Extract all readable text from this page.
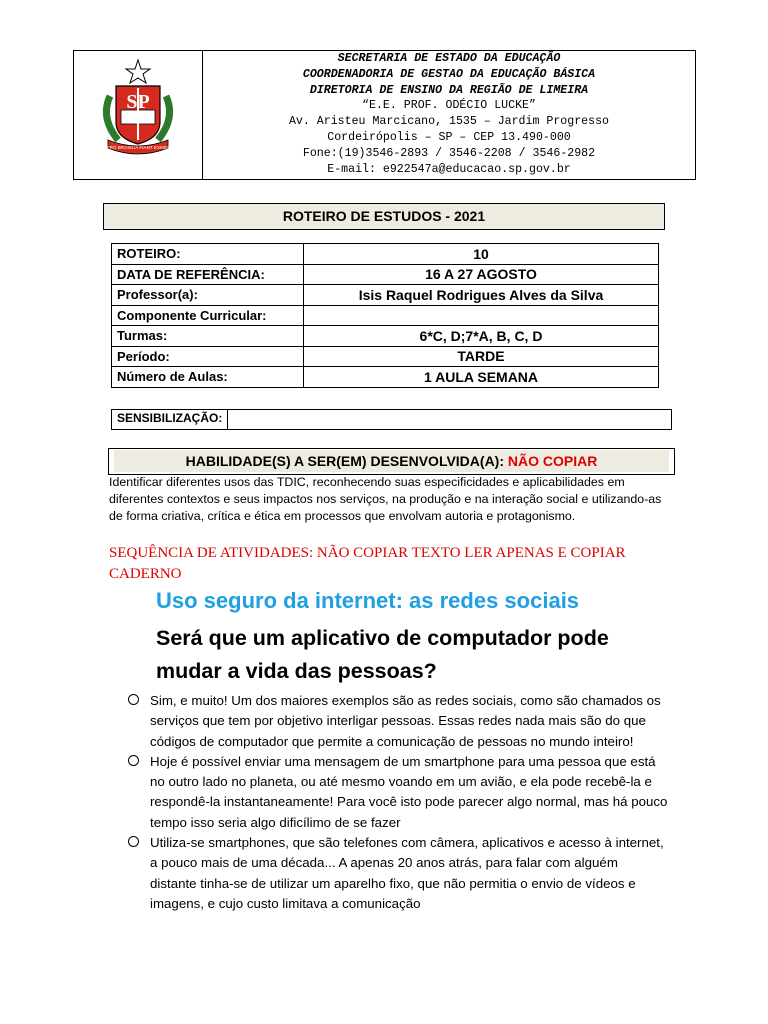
SP
PRO BRASILIA FIANT EXIMIA
SECRETARIA DE ESTADO DA EDUCAÇÃO
COORDENADORIA DE GESTAO DA EDUCAÇÃO BÁSICA
DIRETORIA DE ENSINO DA REGIÃO DE LIMEIRA
“E.E. PROF. ODÉCIO LUCKE”
Av. Aristeu Marcicano, 1535 – Jardim Progresso
Cordeirópolis – SP – CEP 13.490-000
Fone:(19)3546-2893 / 3546-2208 / 3546-2982
E-mail: e922547a@educacao.sp.gov.br
ROTEIRO DE ESTUDOS - 2021
ROTEIRO:	10
DATA DE REFERÊNCIA:	16 A 27 AGOSTO
Professor(a):	Isis Raquel Rodrigues Alves da Silva
Componente Curricular:	
Turmas:	6*C, D;7*A, B, C, D
Período:	TARDE
Número de Aulas:	1 AULA SEMANA
SENSIBILIZAÇÃO:
HABILIDADE(S) A SER(EM) DESENVOLVIDA(A): NÃO COPIAR
Identificar diferentes usos das TDIC, reconhecendo suas especificidades e aplicabilidades em diferentes contextos e seus impactos nos serviços, na produção e na interação social e utilizando-as de forma criativa, crítica e ética em processos que envolvam autoria e protagonismo.
SEQUÊNCIA DE ATIVIDADES: NÃO COPIAR TEXTO LER APENAS E COPIAR CADERNO
Uso seguro da internet: as redes sociais
Será que um aplicativo de computador pode mudar a vida das pessoas?
Sim, e muito! Um dos maiores exemplos são as redes sociais, como são chamados os serviços que tem por objetivo interligar pessoas. Essas redes nada mais são do que códigos de computador que permite a comunicação de pessoas no mundo inteiro!
Hoje é possível enviar uma mensagem de um smartphone para uma pessoa que está no outro lado no planeta, ou até mesmo voando em um avião, e ela pode recebê-la e respondê-la instantaneamente! Para você isto pode parecer algo normal, mas há pouco tempo isso seria algo dificílimo de se fazer
Utiliza-se smartphones, que são telefones com câmera, aplicativos e acesso à internet, a pouco mais de uma década... A apenas 20 anos atrás, para falar com alguém distante tinha-se de utilizar um aparelho fixo, que não permitia o envio de vídeos e imagens, e cujo custo limitava a comunicação
